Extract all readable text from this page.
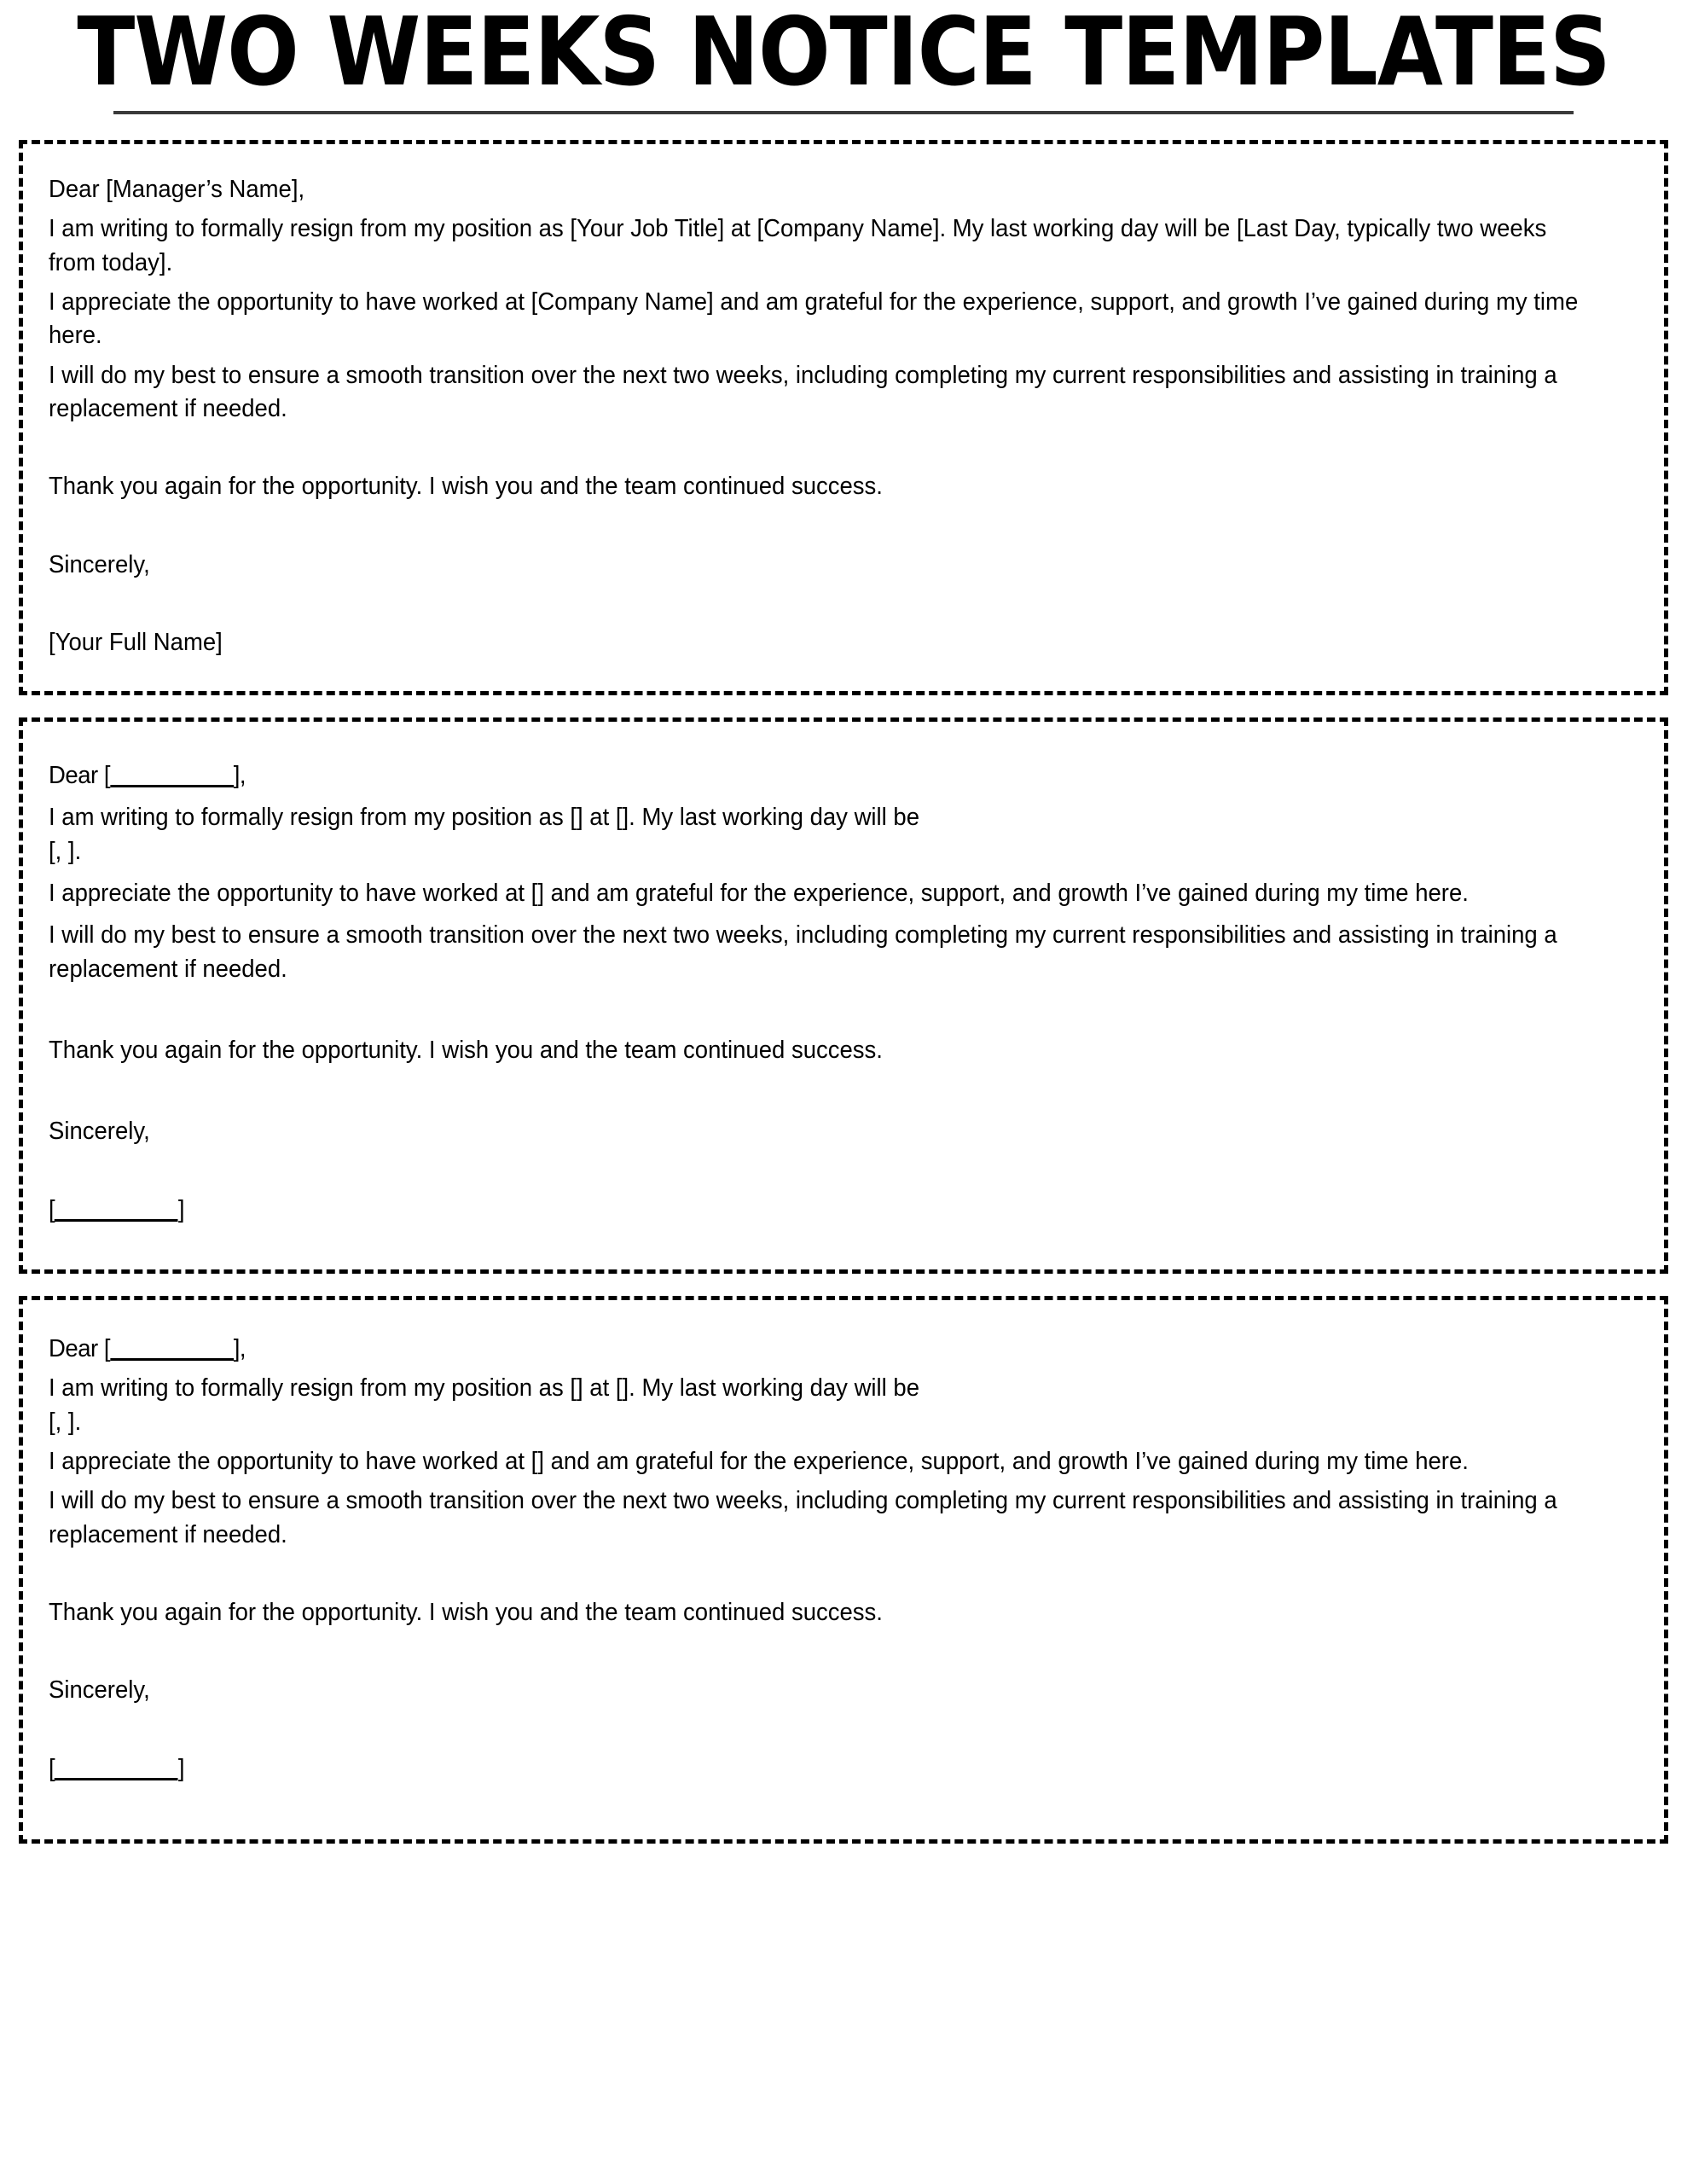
TWO WEEKS NOTICE TEMPLATES

Dear [Manager’s Name],

I am writing to formally resign from my position as [Your Job Title] at [Company Name]. My last working day will be [Last Day, typically two weeks from today].

I appreciate the opportunity to have worked at [Company Name] and am grateful for the experience, support, and growth I’ve gained during my time here.

I will do my best to ensure a smooth transition over the next two weeks, including completing my current responsibilities and assisting in training a replacement if needed.

Thank you again for the opportunity. I wish you and the team continued success.

Sincerely,

[Your Full Name]

Dear [	],

I am writing to formally resign from my position as [] at []. My last working day will be
[, ].

I appreciate the opportunity to have worked at [] and am grateful for the experience, support, and growth I’ve gained during my time here.

I will do my best to ensure a smooth transition over the next two weeks, including completing my current responsibilities and assisting in training a replacement if needed.

Thank you again for the opportunity. I wish you and the team continued success.

Sincerely,

[	]

Dear [	],

I am writing to formally resign from my position as [] at []. My last working day will be
[, ].

I appreciate the opportunity to have worked at [] and am grateful for the experience, support, and growth I’ve gained during my time here.

I will do my best to ensure a smooth transition over the next two weeks, including completing my current responsibilities and assisting in training a replacement if needed.

Thank you again for the opportunity. I wish you and the team continued success.

Sincerely,

[	]
